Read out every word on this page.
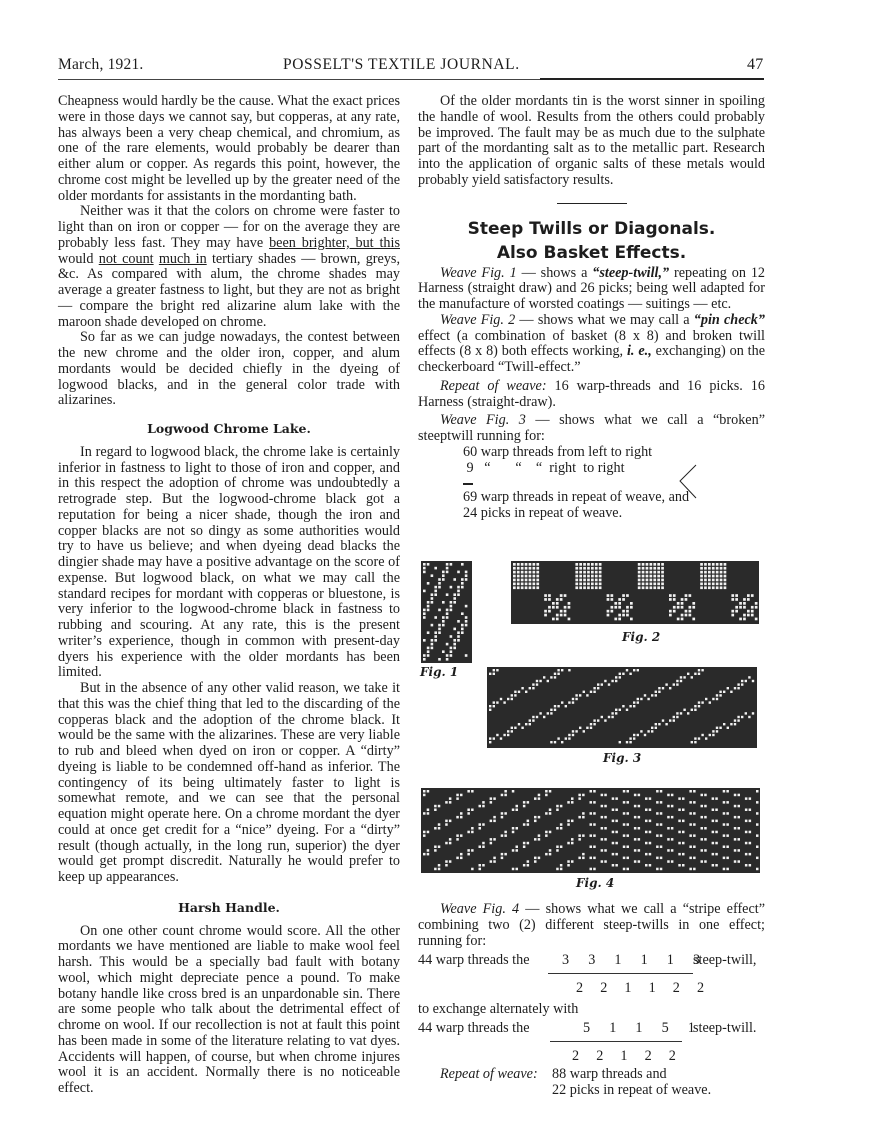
March, 1921.	POSSELT'S TEXTILE JOURNAL.	47

Cheapness would hardly be the cause. What the exact prices were in those days we cannot say, but copperas, at any rate, has always been a very cheap chemical, and chromium, as one of the rare elements, would probably be dearer than either alum or copper. As regards this point, however, the chrome cost might be levelled up by the greater need of the older mordants for assistants in the mordanting bath.

Neither was it that the colors on chrome were faster to light than on iron or copper — for on the average they are probably less fast. They may have been brighter, but this would not count much in tertiary shades — brown, greys, &c. As compared with alum, the chrome shades may average a greater fastness to light, but they are not as bright — compare the bright red alizarine alum lake with the maroon shade developed on chrome.

So far as we can judge nowadays, the contest between the new chrome and the older iron, copper, and alum mordants would be decided chiefly in the dyeing of logwood blacks, and in the general color trade with alizarines.

Logwood Chrome Lake.

In regard to logwood black, the chrome lake is certainly inferior in fastness to light to those of iron and copper, and in this respect the adoption of chrome was undoubtedly a retrograde step. But the logwood-chrome black got a reputation for being a nicer shade, though the iron and copper blacks are not so dingy as some authorities would try to have us believe; and when dyeing dead blacks the dingier shade may have a positive advantage on the score of expense. But logwood black, on what we may call the standard recipes for mordant with copperas or bluestone, is very inferior to the logwood-chrome black in fastness to rubbing and scouring. At any rate, this is the present writer’s experience, though in common with present-day dyers his experience with the older mordants has been limited.

But in the absence of any other valid reason, we take it that this was the chief thing that led to the discarding of the copperas black and the adoption of the chrome black. It would be the same with the alizarines. These are very liable to rub and bleed when dyed on iron or copper. A “dirty” dyeing is liable to be condemned off-hand as inferior. The contingency of its being ultimately faster to light is somewhat remote, and we can see that the personal equation might operate here. On a chrome mordant the dyer could at once get credit for a “nice” dyeing. For a “dirty” result (though actually, in the long run, superior) the dyer would get prompt discredit. Naturally he would prefer to keep up appearances.

Harsh Handle.

On one other count chrome would score. All the other mordants we have mentioned are liable to make wool feel harsh. This would be a specially bad fault with botany wool, which might depreciate pence a pound. To make botany handle like cross bred is an unpardonable sin. There are some people who talk about the detrimental effect of chrome on wool. If our recollection is not at fault this point has been made in some of the literature relating to vat dyes. Accidents will happen, of course, but when chrome injures wool it is an accident. Normally there is no noticeable effect.

Of the older mordants tin is the worst sinner in spoiling the handle of wool. Results from the others could probably be improved. The fault may be as much due to the sulphate part of the mordanting salt as to the metallic part. Research into the application of organic salts of these metals would probably yield satisfactory results.

Steep Twills or Diagonals.
Also Basket Effects.

Weave Fig. 1 — shows a “steep-twill,” repeating on 12 Harness (straight draw) and 26 picks; being well adapted for the manufacture of worsted coatings — suitings — etc.

Weave Fig. 2 — shows what we may call a “pin check” effect (a combination of basket (8 x 8) and broken twill effects (8 x 8) both effects working, i. e., exchanging) on the checkerboard “Twill-effect.”

Repeat of weave: 16 warp-threads and 16 picks. 16 Harness (straight-draw).

Weave Fig. 3 — shows what we call a “broken” steeptwill running for:

60 warp threads from left to right
9   “       “    “  right  to right
69 warp threads in repeat of weave, and
24 picks in repeat of weave.
Fig. 1
Fig. 2
Fig. 3
Fig. 4

Weave Fig. 4 — shows what we call a “stripe effect” combining two (2) different steep-twills in one effect; running for:

44 warp threads the 3  3  1  1  1  3
steep-twill,
2  2  1  1  2  2
to exchange alternately with
44 warp threads the	5  1  1  5  1
steep-twill.
2  2  1  2  2
Repeat of weave: 88 warp threads and
22 picks in repeat of weave.
